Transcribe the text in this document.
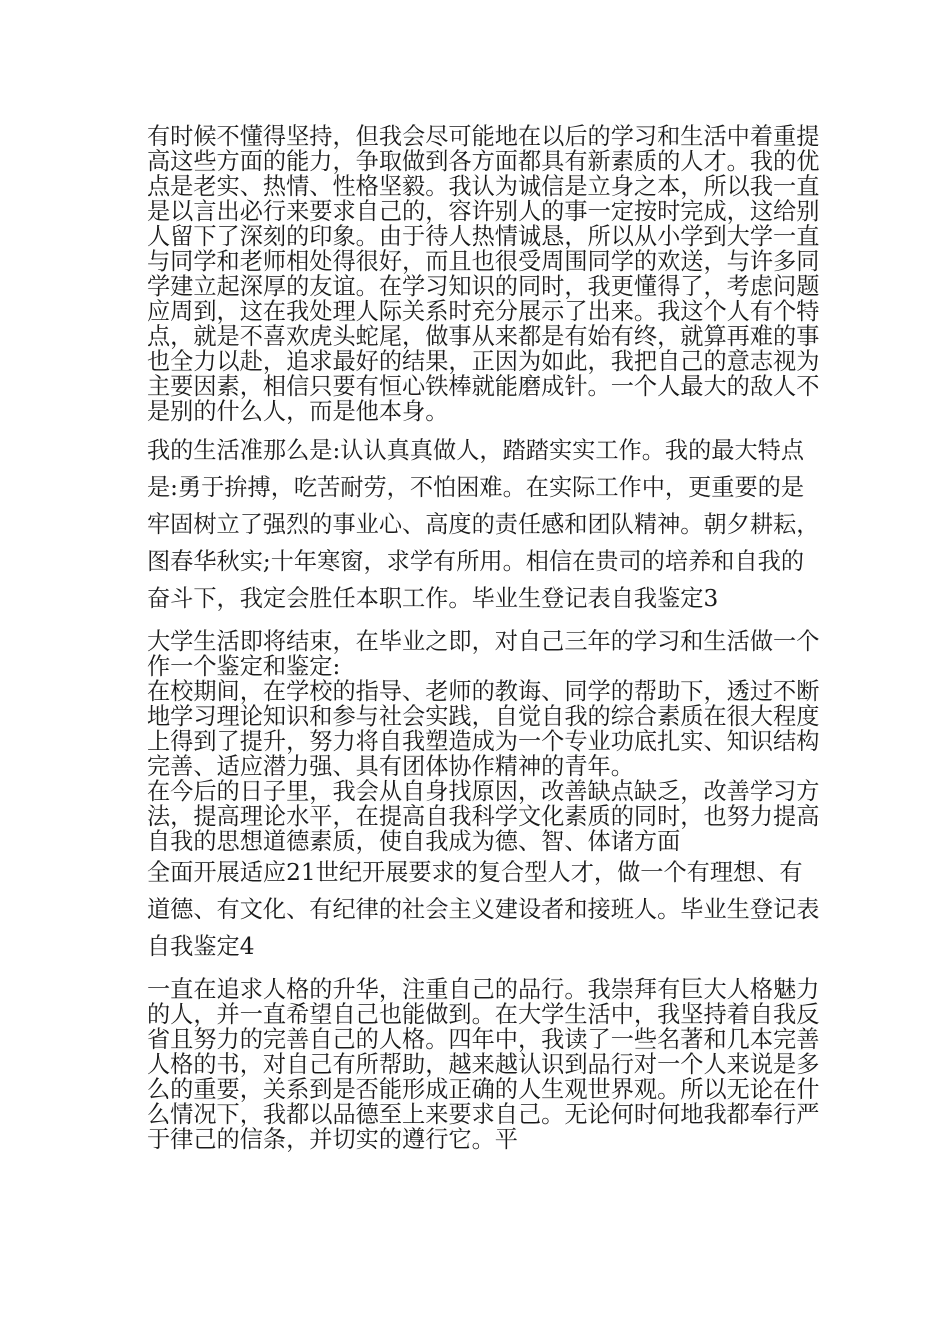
有时候不懂得坚持，但我会尽可能地在以后的学习和生活中着重提高这些方面的能力，争取做到各方面都具有新素质的人才。我的优点是老实、热情、性格坚毅。我认为诚信是立身之本，所以我一直是以言出必行来要求自己的，容许别人的事一定按时完成，这给别人留下了深刻的印象。由于待人热情诚恳，所以从小学到大学一直与同学和老师相处得很好，而且也很受周围同学的欢送，与许多同学建立起深厚的友谊。在学习知识的同时，我更懂得了，考虑问题应周到，这在我处理人际关系时充分展示了出来。我这个人有个特点，就是不喜欢虎头蛇尾，做事从来都是有始有终，就算再难的事也全力以赴，追求最好的结果，正因为如此，我把自己的意志视为主要因素，相信只要有恒心铁棒就能磨成针。一个人最大的敌人不是别的什么人，而是他本身。

我的生活准那么是:认认真真做人，踏踏实实工作。我的最大特点是:勇于拚搏，吃苦耐劳，不怕困难。在实际工作中，更重要的是牢固树立了强烈的事业心、高度的责任感和团队精神。朝夕耕耘，图春华秋实;十年寒窗，求学有所用。相信在贵司的培养和自我的奋斗下，我定会胜任本职工作。毕业生登记表自我鉴定3

大学生活即将结束，在毕业之即，对自己三年的学习和生活做一个作一个鉴定和鉴定:

在校期间，在学校的指导、老师的教诲、同学的帮助下，透过不断地学习理论知识和参与社会实践，自觉自我的综合素质在很大程度上得到了提升，努力将自我塑造成为一个专业功底扎实、知识结构完善、适应潜力强、具有团体协作精神的青年。

在今后的日子里，我会从自身找原因，改善缺点缺乏，改善学习方法，提高理论水平，在提高自我科学文化素质的同时，也努力提高自我的思想道德素质，使自我成为德、智、体诸方面

全面开展适应21世纪开展要求的复合型人才，做一个有理想、有道德、有文化、有纪律的社会主义建设者和接班人。毕业生登记表自我鉴定4

一直在追求人格的升华，注重自己的品行。我崇拜有巨大人格魅力的人，并一直希望自己也能做到。在大学生活中，我坚持着自我反省且努力的完善自己的人格。四年中，我读了一些名著和几本完善人格的书，对自己有所帮助，越来越认识到品行对一个人来说是多么的重要，关系到是否能形成正确的人生观世界观。所以无论在什么情况下，我都以品德至上来要求自己。无论何时何地我都奉行严于律己的信条，并切实的遵行它。平
